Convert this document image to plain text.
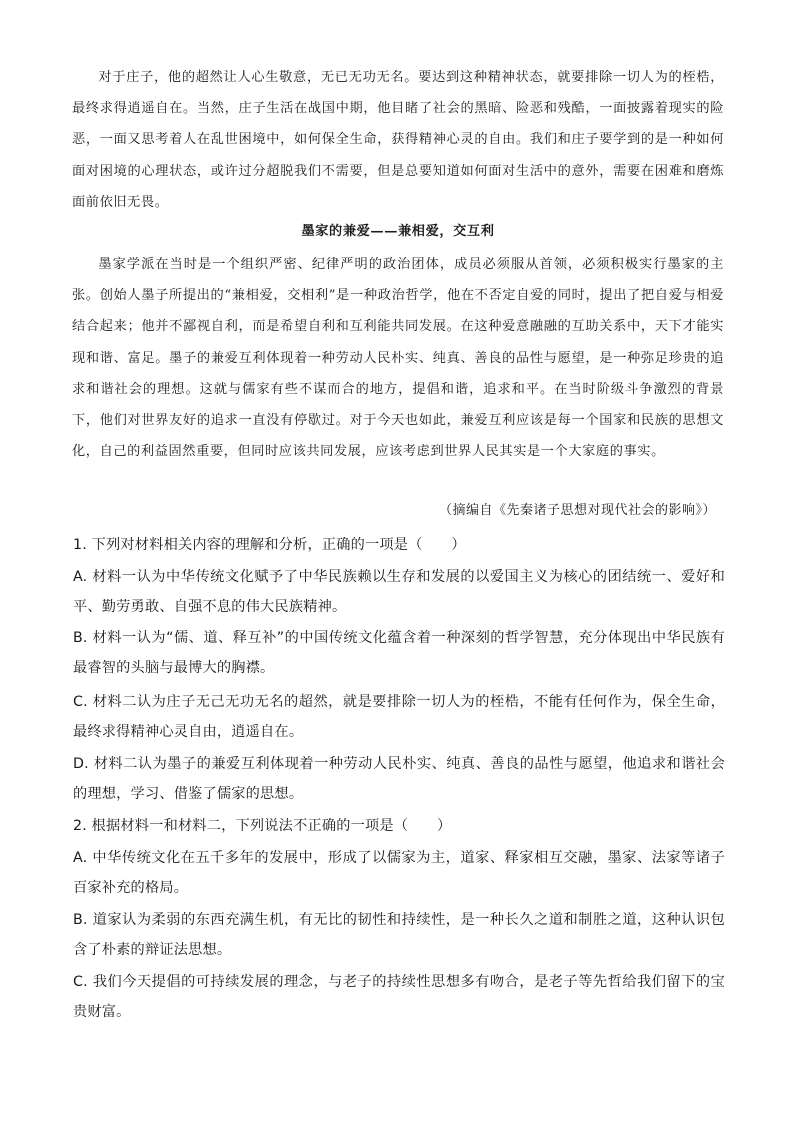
对于庄子，他的超然让人心生敬意，无已无功无名。要达到这种精神状态，就要排除一切人为的桎梏，最终求得逍遥自在。当然，庄子生活在战国中期，他目睹了社会的黑暗、险恶和残酷，一面披露着现实的险恶，一面又思考着人在乱世困境中，如何保全生命，获得精神心灵的自由。我们和庄子要学到的是一种如何面对困境的心理状态，或许过分超脱我们不需要，但是总要知道如何面对生活中的意外，需要在困难和磨炼面前依旧无畏。

墨家的兼爱——兼相爱，交互利

墨家学派在当时是一个组织严密、纪律严明的政治团体，成员必须服从首领，必须积极实行墨家的主张。创始人墨子所提出的“兼相爱，交相利”是一种政治哲学，他在不否定自爱的同时，提出了把自爱与相爱结合起来；他并不鄙视自利，而是希望自利和互利能共同发展。在这种爱意融融的互助关系中，天下才能实现和谐、富足。墨子的兼爱互利体现着一种劳动人民朴实、纯真、善良的品性与愿望，是一种弥足珍贵的追求和谐社会的理想。这就与儒家有些不谋而合的地方，提倡和谐，追求和平。在当时阶级斗争激烈的背景下，他们对世界友好的追求一直没有停歇过。对于今天也如此，兼爱互利应该是每一个国家和民族的思想文化，自己的利益固然重要，但同时应该共同发展，应该考虑到世界人民其实是一个大家庭的事实。

（摘编自《先秦诸子思想对现代社会的影响》）

1. 下列对材料相关内容的理解和分析，正确的一项是（　　）

A. 材料一认为中华传统文化赋予了中华民族赖以生存和发展的以爱国主义为核心的团结统一、爱好和平、勤劳勇敢、自强不息的伟大民族精神。

B. 材料一认为“儒、道、释互补”的中国传统文化蕴含着一种深刻的哲学智慧，充分体现出中华民族有最睿智的头脑与最博大的胸襟。

C. 材料二认为庄子无己无功无名的超然，就是要排除一切人为的桎梏，不能有任何作为，保全生命，最终求得精神心灵自由，逍遥自在。

D. 材料二认为墨子的兼爱互利体现着一种劳动人民朴实、纯真、善良的品性与愿望，他追求和谐社会的理想，学习、借鉴了儒家的思想。

2. 根据材料一和材料二，下列说法不正确的一项是（　　）

A. 中华传统文化在五千多年的发展中，形成了以儒家为主，道家、释家相互交融，墨家、法家等诸子百家补充的格局。

B. 道家认为柔弱的东西充满生机，有无比的韧性和持续性，是一种长久之道和制胜之道，这种认识包含了朴素的辩证法思想。

C. 我们今天提倡的可持续发展的理念，与老子的持续性思想多有吻合，是老子等先哲给我们留下的宝贵财富。
